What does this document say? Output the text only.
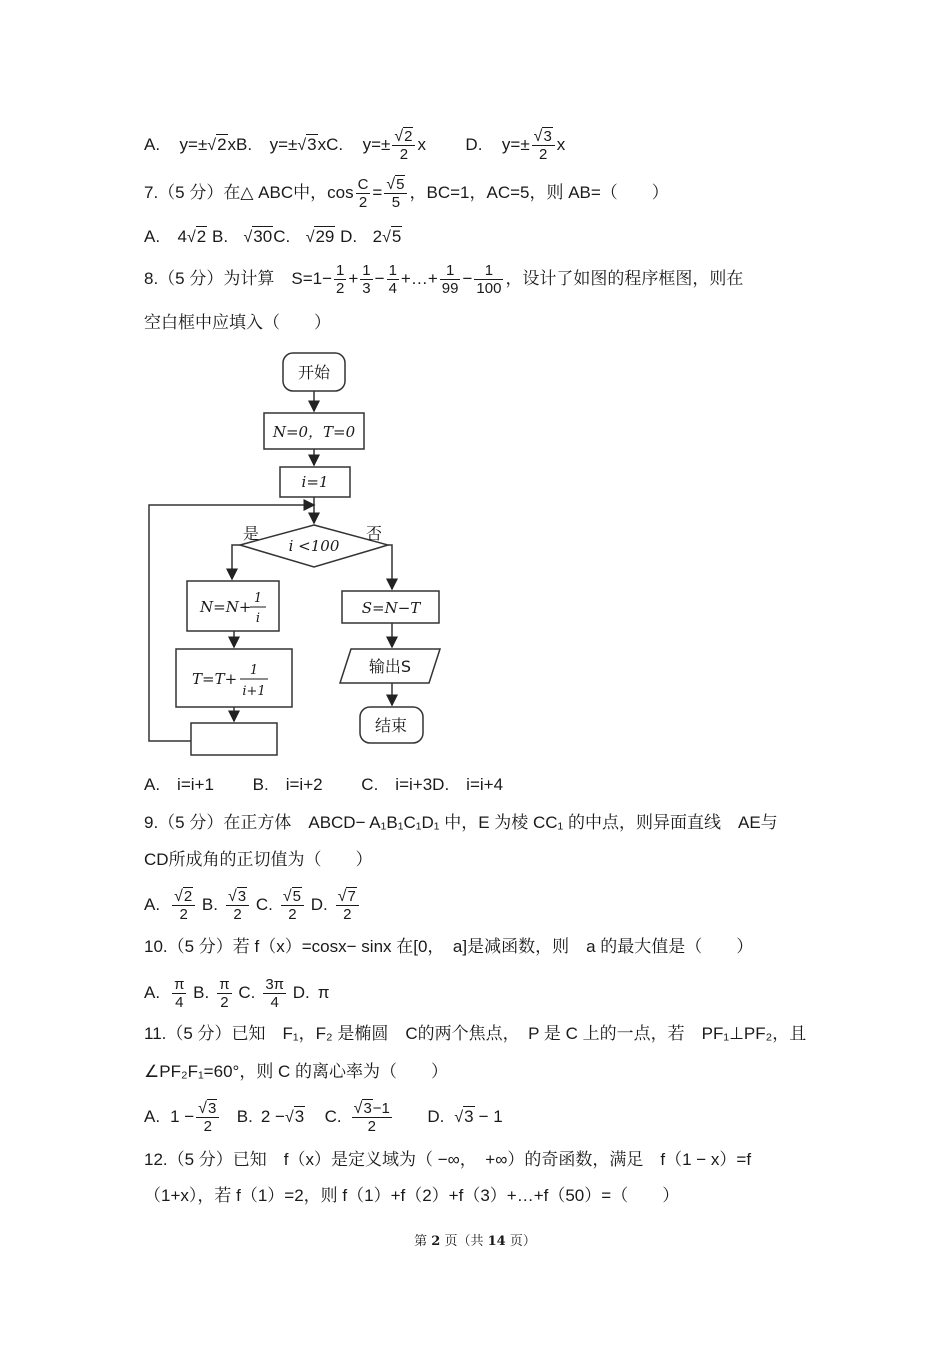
A. y=±√2xB. y=±√3xC. $y=\pm \frac{√2}{2}$ x D. $y=\pm \frac{√3}{2}$ x
7.（5 分）在△ ABC中，$\cos \frac{C}{2} = \frac{√5}{5}$ ，BC=1，AC=5，则 AB=（　　）
A. 4√2 B. √30C. √29 D. 2√5
8.（5 分）为计算　$S=1- \frac{1}{2} + \frac{1}{3} - \frac{1}{4}$ +…+ $\frac{1}{99} - \frac{1}{100}$ ，设计了如图的程序框图，则在
空白框中应填入（　　）
开始
N=0，T=0
i=1
i <100
是	否
N=N+ 1
i
T=T+ 1
i+1
S=N−T
输出S
结束
A.　i=i+1　　 B.　i=i+2　　 C.　i=i+3D.　i=i+4
9.（5 分）在正方体　ABCD− A₁B₁C₁D₁ 中，E 为棱 CC₁ 的中点，则异面直线　AE与
CD所成角的正切值为（　　）
A. $\frac{√2}{2} B$. $\frac{√3}{2} C$. $\frac{√5}{2} D$. $\frac{√7}{2}$
10.（5 分）若 f（x）=cosx− sinx 在[0，　a]是减函数，则　a 的最大值是（　　）
A. $\frac{\pi}{4} B$. $\frac{\pi}{2} C$. $\frac{3\pi}{4} D$. π
11.（5 分）已知　F₁，F₂ 是椭圆　C的两个焦点，　P 是 C 上的一点，若　PF₁⊥PF₂，且
∠PF₂F₁=60°，则 C 的离心率为（　　）
A. $1 - \frac{√3}{2} B$. 2 −√3 C. $\frac{√3-1}{2} D$. √3 − 1
12.（5 分）已知　f（x）是定义域为（ −∞，　+∞）的奇函数，满足　f（1 − x）=f
（1+x），若 f（1）=2，则 f（1）+f（2）+f（3）+…+f（50）=（　　）
第 2 页（共 14 页）
